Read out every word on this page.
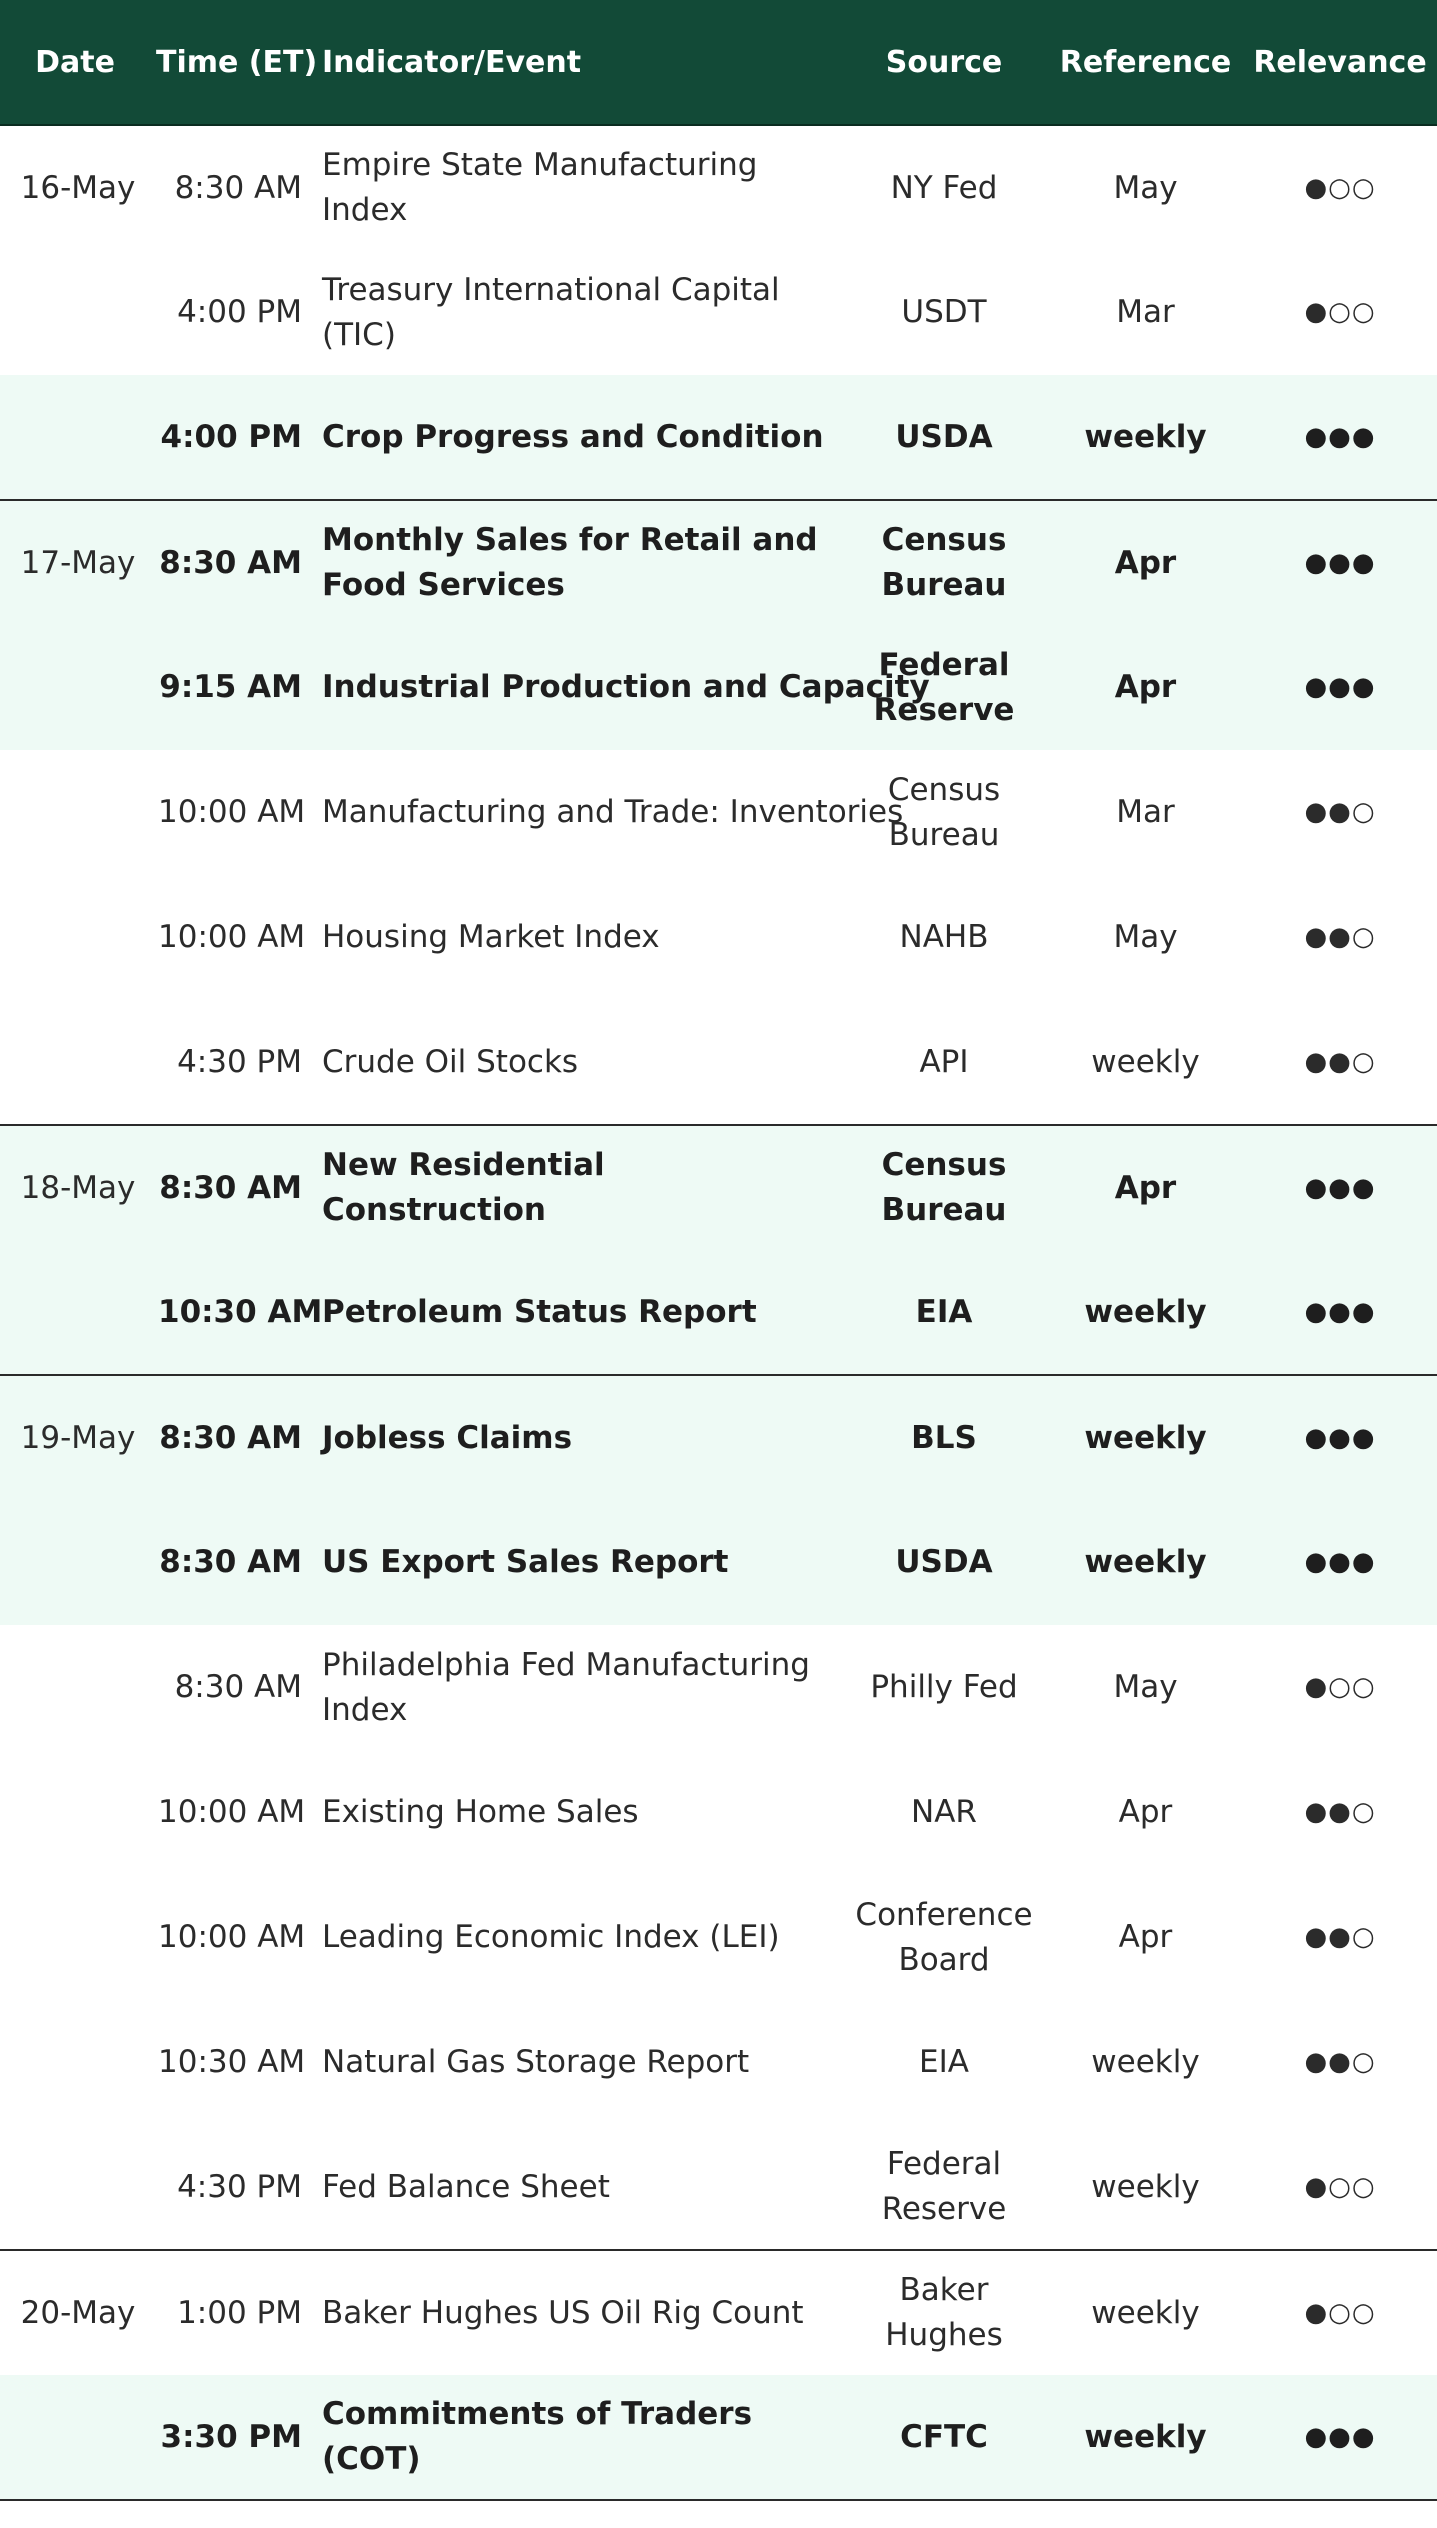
Date	Time (ET)	Indicator/Event	Source	Reference	Relevance
16-May	8:30 AM	Empire State Manufacturing Index	NY Fed	May	●○○
	4:00 PM	Treasury International Capital (TIC)	USDT	Mar	●○○
	4:00 PM	Crop Progress and Condition	USDA	weekly	●●●
17-May	8:30 AM	Monthly Sales for Retail and Food Services	Census Bureau	Apr	●●●
	9:15 AM	Industrial Production and Capacity	Federal Reserve	Apr	●●●
	10:00 AM	Manufacturing and Trade: Inventories	Census Bureau	Mar	●●○
	10:00 AM	Housing Market Index	NAHB	May	●●○
	4:30 PM	Crude Oil Stocks	API	weekly	●●○
18-May	8:30 AM	New Residential Construction	Census Bureau	Apr	●●●
	10:30 AM	Petroleum Status Report	EIA	weekly	●●●
19-May	8:30 AM	Jobless Claims	BLS	weekly	●●●
	8:30 AM	US Export Sales Report	USDA	weekly	●●●
	8:30 AM	Philadelphia Fed Manufacturing Index	Philly Fed	May	●○○
	10:00 AM	Existing Home Sales	NAR	Apr	●●○
	10:00 AM	Leading Economic Index (LEI)	Conference Board	Apr	●●○
	10:30 AM	Natural Gas Storage Report	EIA	weekly	●●○
	4:30 PM	Fed Balance Sheet	Federal Reserve	weekly	●○○
20-May	1:00 PM	Baker Hughes US Oil Rig Count	Baker Hughes	weekly	●○○
	3:30 PM	Commitments of Traders (COT)	CFTC	weekly	●●●
